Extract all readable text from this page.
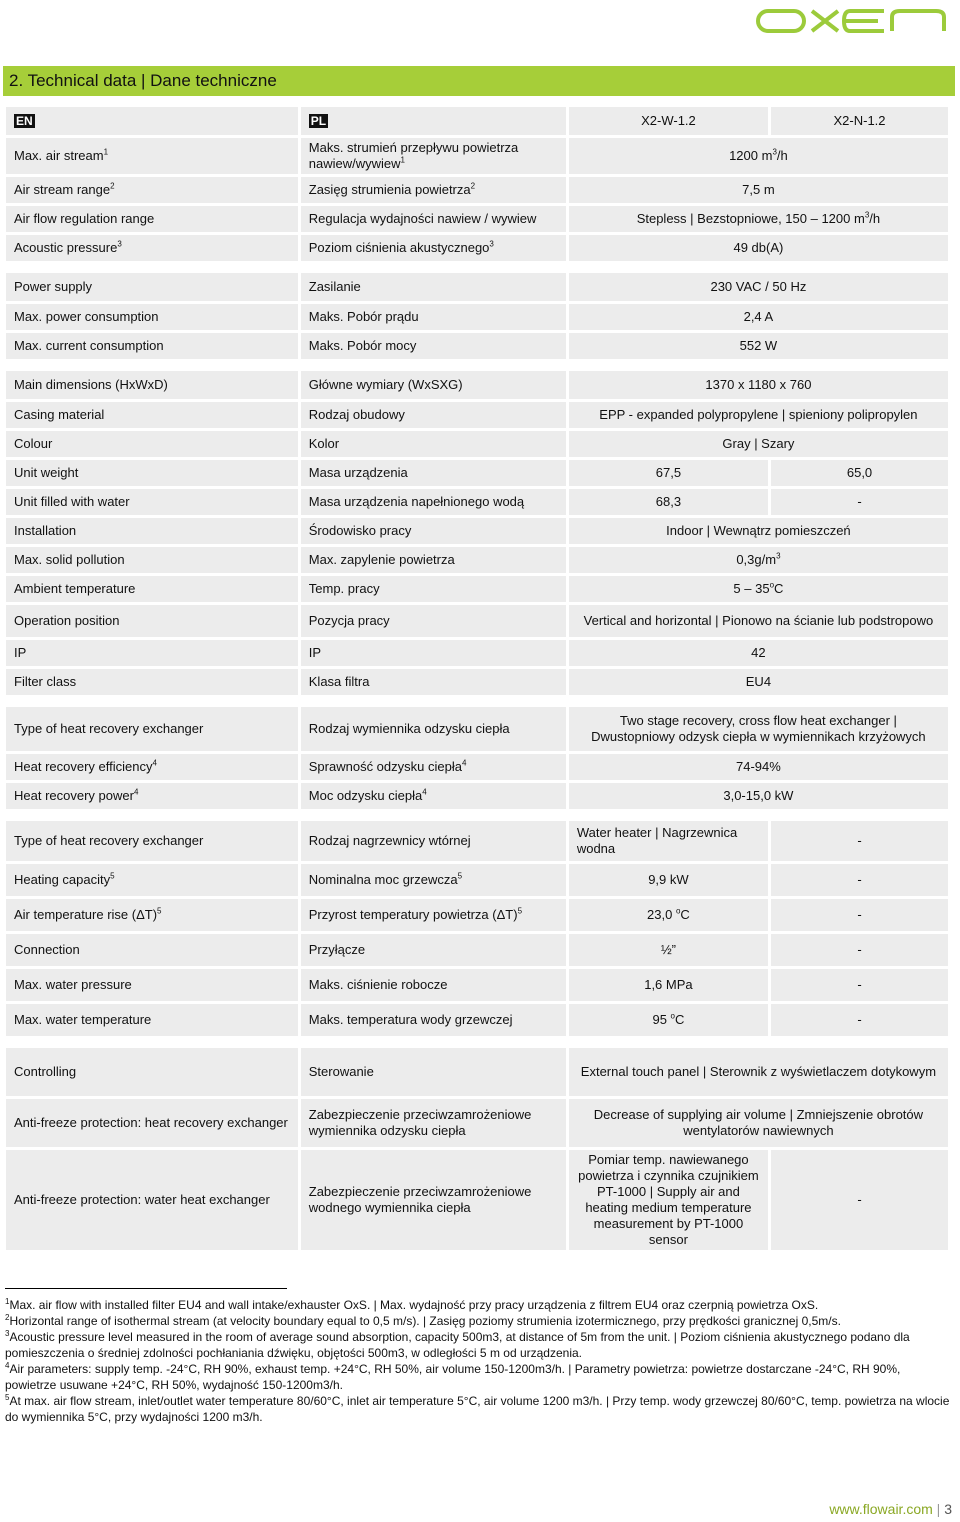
oxen
2. Technical data | Dane techniczne
EN	PL	X2-W-1.2	X2-N-1.2
Max. air stream$^1$	Maks. strumień przepływu powietrza nawiew/wywiew$^1$	1200 $m^3/h$	
Air stream range$^2$	Zasięg strumienia powietrza$^2$	7,5 m	
Air flow regulation range	Regulacja wydajności nawiew / wywiew	Stepless | Bezstopniowe, 150 – 1200 $m^3/h$	
Acoustic pressure$^3$	Poziom ciśnienia akustycznego$^3$	49 db(A)	

Power supply	Zasilanie	230 VAC / 50 Hz	
Max. power consumption	Maks. Pobór prądu	2,4 A	
Max. current consumption	Maks. Pobór mocy	552 W	

Main dimensions (HxWxD)	Główne wymiary (WxSXG)	1370 x 1180 x 760	
Casing material	Rodzaj obudowy	EPP - expanded polypropylene | spieniony polipropylen	
Colour	Kolor	Gray | Szary	
Unit weight	Masa urządzenia	67,5	65,0
Unit filled with water	Masa urządzenia napełnionego wodą	68,3	-
Installation	Środowisko pracy	Indoor | Wewnątrz pomieszczeń	
Max. solid pollution	Max. zapylenie powietrza	$0,3g/m^3$
Ambient temperature	Temp. pracy	5 – 35$^o$C	
Operation position	Pozycja pracy	Vertical and horizontal | Pionowo na ścianie lub podstropowo	
IP	IP	42	
Filter class	Klasa filtra	EU4	

Type of heat recovery exchanger	Rodzaj wymiennika odzysku ciepła	Two stage recovery, cross flow heat exchanger | Dwustopniowy odzysk ciepła w wymiennikach krzyżowych	
Heat recovery efficiency$^4$	Sprawność odzysku ciepła$^4$	74-94%	
Heat recovery power$^4$	Moc odzysku ciepła$^4$	3,0-15,0 kW	

Type of heat recovery exchanger	Rodzaj nagrzewnicy wtórnej	Water heater | Nagrzewnica wodna	-
Heating capacity$^5$	Nominalna moc grzewcza$^5$	9,9 kW	-
Air temperature rise $(\Delta T)^5$	Przyrost temperatury powietrza $(\Delta T)^5$	23,0 $^o$C	-
Connection	Przyłącze	½”	-
Max. water pressure	Maks. ciśnienie robocze	1,6 MPa	-
Max. water temperature	Maks. temperatura wody grzewczej	95 $^o$C	-

Controlling	Sterowanie	External touch panel | Sterownik z wyświetlaczem dotykowym	
Anti-freeze protection: heat recovery exchanger	Zabezpieczenie przeciwzamrożeniowe wymiennika odzysku ciepła	Decrease of supplying air volume | Zmniejszenie obrotów wentylatorów nawiewnych	
Anti-freeze protection: water heat exchanger	Zabezpieczenie przeciwzamrożeniowe wodnego wymiennika ciepła	Pomiar temp. nawiewanego powietrza i czynnika czujnikiem PT-1000 | Supply air and heating medium temperature measurement by PT-1000 sensor	-

$^1$Max. air flow with installed filter EU4 and wall intake/exhauster OxS. | Max. wydajność przy pracy urządzenia z filtrem EU4 oraz czerpnią powietrza OxS.

$^2$Horizontal range of isothermal stream (at velocity boundary equal to 0,5 m/s). | Zasięg poziomy strumienia izotermicznego, przy prędkości granicznej 0,5m/s.

$^3$Acoustic pressure level measured in the room of average sound absorption, capacity 500m3, at distance of 5m from the unit. | Poziom ciśnienia akustycznego podano dla pomieszczenia o średniej zdolności pochłaniania dźwięku, objętości 500m3, w odległości 5 m od urządzenia.

$^4$Air parameters: supply temp. -24°C, RH 90%, exhaust temp. +24°C, RH 50%, air volume 150-1200m3/h. | Parametry powietrza: powietrze dostarczane -24°C, RH 90%, powietrze usuwane +24°C, RH 50%, wydajność 150-1200m3/h.

$^5$At max. air flow stream, inlet/outlet water temperature 80/60°C, inlet air temperature 5°C, air volume 1200 m3/h. | Przy temp. wody grzewczej 80/60°C, temp. powietrza na wlocie do wymiennika 5°C, przy wydajności 1200 m3/h.

www.flowair.com | 3
